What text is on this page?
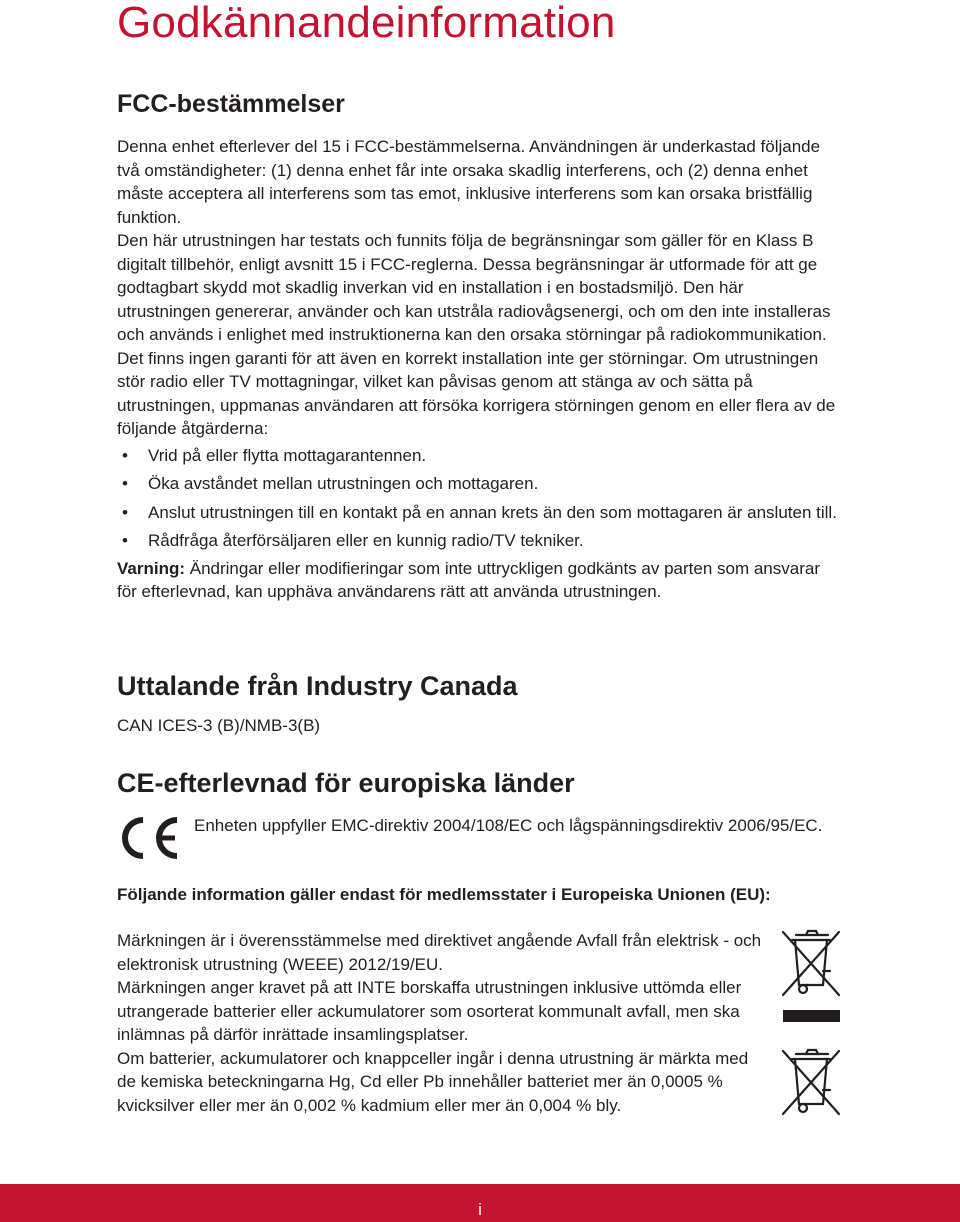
Godkännandeinformation
FCC-bestämmelser

Denna enhet efterlever del 15 i FCC-bestämmelserna. Användningen är underkastad följande två omständigheter: (1) denna enhet får inte orsaka skadlig interferens, och (2) denna enhet måste acceptera all interferens som tas emot, inklusive interferens som kan orsaka bristfällig funktion.

Den här utrustningen har testats och funnits följa de begränsningar som gäller för en Klass B digitalt tillbehör, enligt avsnitt 15 i FCC-reglerna. Dessa begränsningar är utformade för att ge godtagbart skydd mot skadlig inverkan vid en installation i en bostadsmiljö. Den här utrustningen genererar, använder och kan utstråla radiovågsenergi, och om den inte installeras och används i enlighet med instruktionerna kan den orsaka störningar på radiokommunikation. Det finns ingen garanti för att även en korrekt installation inte ger störningar. Om utrustningen stör radio eller TV mottagningar, vilket kan påvisas genom att stänga av och sätta på utrustningen, uppmanas användaren att försöka korrigera störningen genom en eller flera av de följande åtgärderna:

• Vrid på eller flytta mottagarantennen.
• Öka avståndet mellan utrustningen och mottagaren.
• Anslut utrustningen till en kontakt på en annan krets än den som mottagaren är ansluten till.
• Rådfråga återförsäljaren eller en kunnig radio/TV tekniker.

Varning: Ändringar eller modifieringar som inte uttryckligen godkänts av parten som ansvarar för efterlevnad, kan upphäva användarens rätt att använda utrustningen.

Uttalande från Industry Canada

CAN ICES-3 (B)/NMB-3(B)

CE-efterlevnad för europiska länder

Enheten uppfyller EMC-direktiv 2004/108/EC och lågspänningsdirektiv 2006/95/EC.

Följande information gäller endast för medlemsstater i Europeiska Unionen (EU):

Märkningen är i överensstämmelse med direktivet angående Avfall från elektrisk - och elektronisk utrustning (WEEE) 2012/19/EU.

Märkningen anger kravet på att INTE borskaffa utrustningen inklusive uttömda eller utrangerade batterier eller ackumulatorer som osorterat kommunalt avfall, men ska inlämnas på därför inrättade insamlingsplatser.

Om batterier, ackumulatorer och knappceller ingår i denna utrustning är märkta med de kemiska beteckningarna Hg, Cd eller Pb innehåller batteriet mer än 0,0005 % kvicksilver eller mer än 0,002 % kadmium eller mer än 0,004 % bly.

i
